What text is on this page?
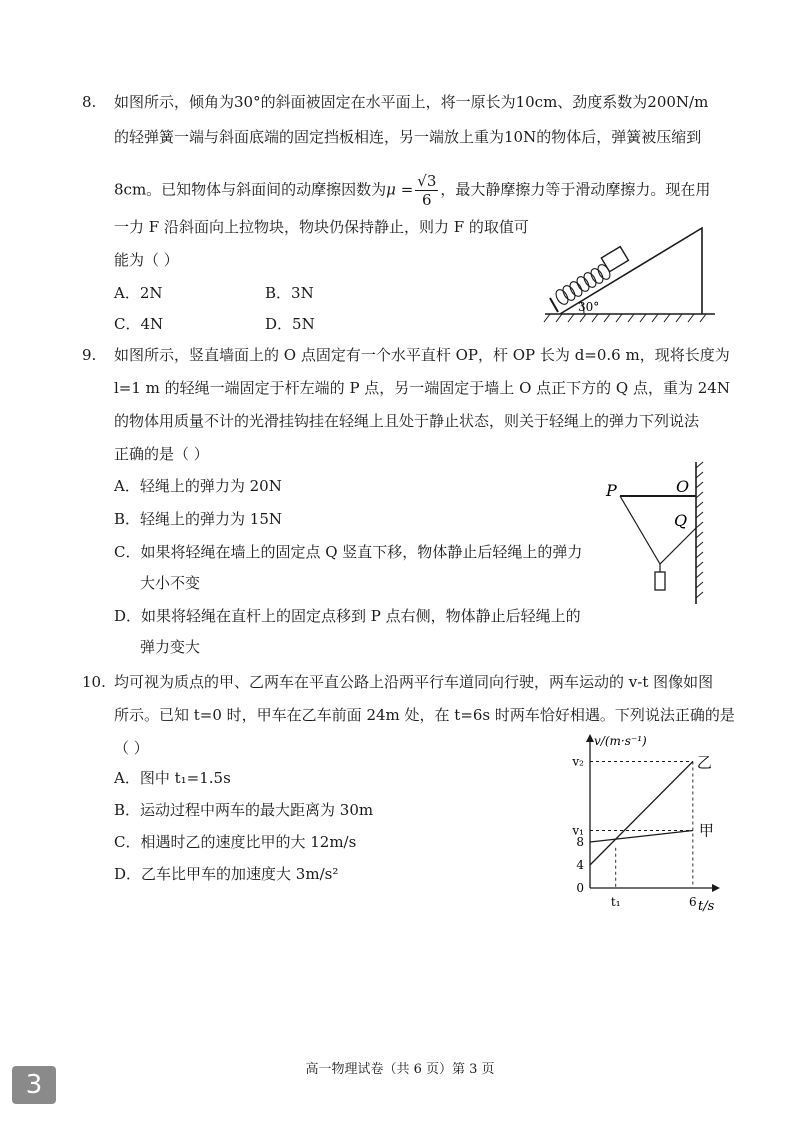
8. 如图所示，倾角为30°的斜面被固定在水平面上，将一原长为10cm、劲度系数为200N/m
的轻弹簧一端与斜面底端的固定挡板相连，另一端放上重为10N的物体后，弹簧被压缩到
8cm。已知物体与斜面间的动摩擦因数为$\mu = \frac{√3}{6}$ ，最大静摩擦力等于滑动摩擦力。现在用
一力 F 沿斜面向上拉物块，物块仍保持静止，则力 F 的取值可
能为（ ）
A．2N	B．3N
C．4N	D．5N
30°
9. 如图所示，竖直墙面上的 O 点固定有一个水平直杆 OP，杆 OP 长为 d=0.6 m，现将长度为
l=1 m 的轻绳一端固定于杆左端的 P 点，另一端固定于墙上 O 点正下方的 Q 点，重为 24N
的物体用质量不计的光滑挂钩挂在轻绳上且处于静止状态，则关于轻绳上的弹力下列说法
正确的是（ ）
A．轻绳上的弹力为 20N
B．轻绳上的弹力为 15N
C．如果将轻绳在墙上的固定点 Q 竖直下移，物体静止后轻绳上的弹力
大小不变
D．如果将轻绳在直杆上的固定点移到 P 点右侧，物体静止后轻绳上的
弹力变大
P	O
Q
10. 均可视为质点的甲、乙两车在平直公路上沿两平行车道同向行驶，两车运动的 v-t 图像如图
所示。已知 t=0 时，甲车在乙车前面 24m 处，在 t=6s 时两车恰好相遇。下列说法正确的是
（ ）
A．图中 t₁=1.5s
B．运动过程中两车的最大距离为 30m
C．相遇时乙的速度比甲的大 12m/s
D．乙车比甲车的加速度大 3m/s²
v/(m·s⁻¹)
t/s
0
4
8
v₁
v₂
t₁	6
乙
甲
高一物理试卷（共 6 页）第 3 页
3
